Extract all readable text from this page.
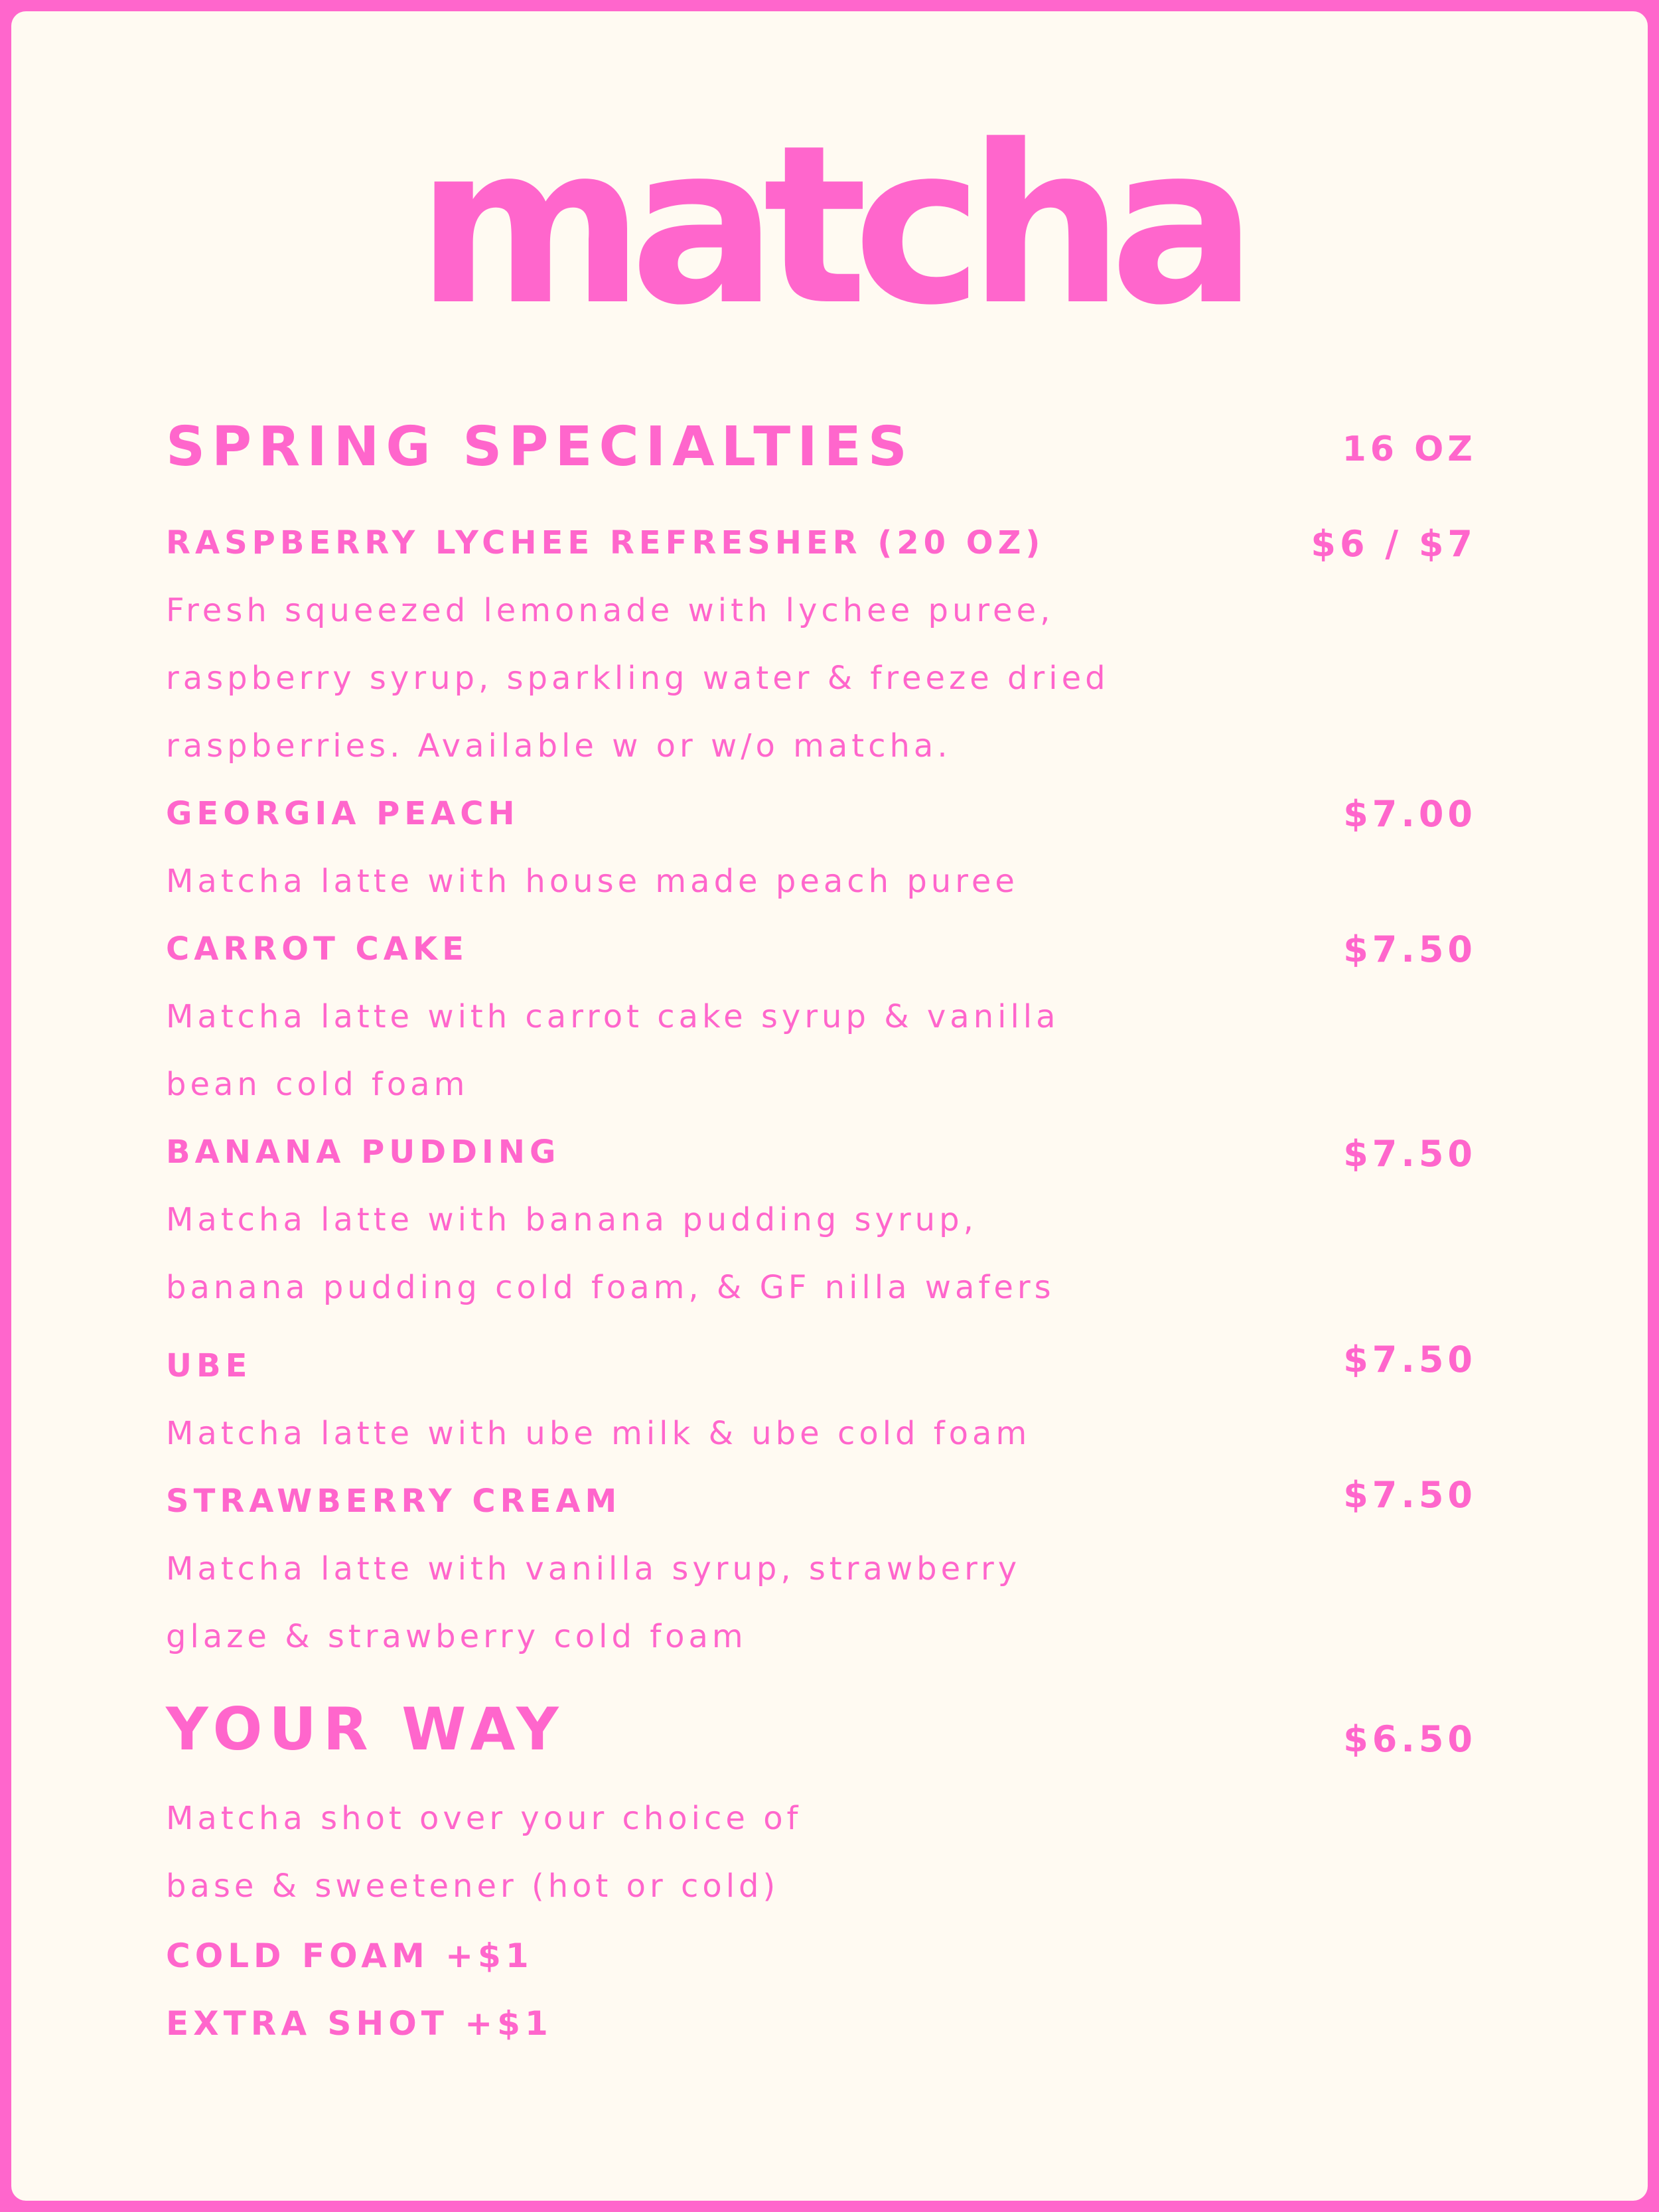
matcha
SPRING SPECIALTIES	16 OZ
RASPBERRY LYCHEE REFRESHER (20 OZ)	$6 / $7
Fresh squeezed lemonade with lychee puree,
raspberry syrup, sparkling water & freeze dried
raspberries. Available w or w/o matcha.
GEORGIA PEACH	$7.00
Matcha latte with house made peach puree
CARROT CAKE	$7.50
Matcha latte with carrot cake syrup & vanilla
bean cold foam
BANANA PUDDING	$7.50
Matcha latte with banana pudding syrup,
banana pudding cold foam, & GF nilla wafers
UBE	$7.50
Matcha latte with ube milk & ube cold foam
STRAWBERRY CREAM	$7.50
Matcha latte with vanilla syrup, strawberry
glaze & strawberry cold foam
YOUR WAY	$6.50
Matcha shot over your choice of
base & sweetener (hot or cold)
COLD FOAM +$1
EXTRA SHOT +$1
